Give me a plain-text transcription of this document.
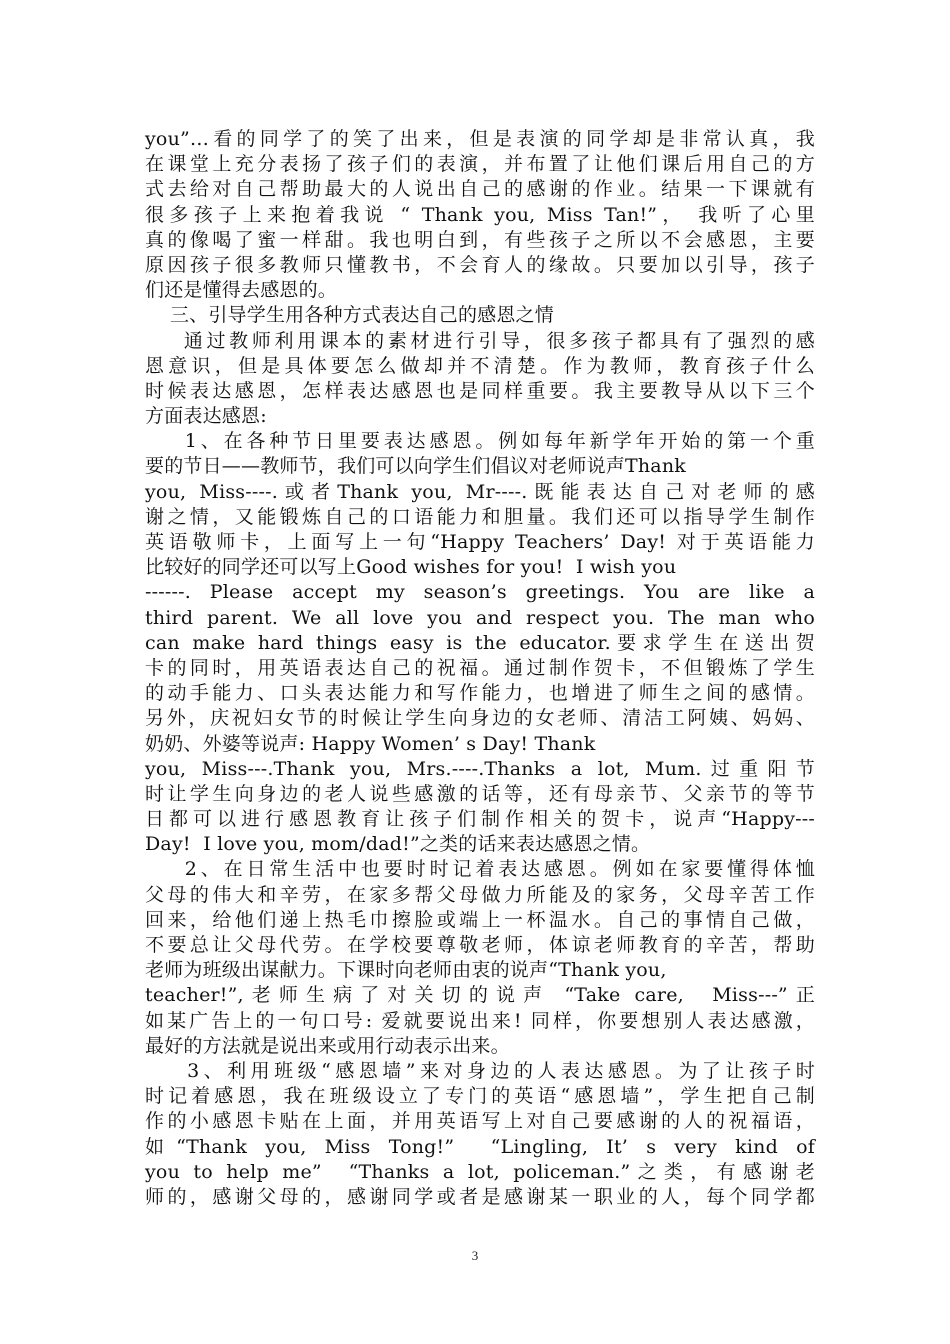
you”…看的同学了的笑了出来，但是表演的同学却是非常认真，我
在课堂上充分表扬了孩子们的表演，并布置了让他们课后用自己的方
式去给对自己帮助最大的人说出自己的感谢的作业。结果一下课就有
很多孩子上来抱着我说 “ Thank you, Miss Tan!”， 我听了心里
真的像喝了蜜一样甜。我也明白到，有些孩子之所以不会感恩，主要
原因孩子很多教师只懂教书，不会育人的缘故。只要加以引导，孩子
们还是懂得去感恩的。
三、引导学生用各种方式表达自己的感恩之情
通过教师利用课本的素材进行引导，很多孩子都具有了强烈的感
恩意识，但是具体要怎么做却并不清楚。作为教师，教育孩子什么
时候表达感恩，怎样表达感恩也是同样重要。我主要教导从以下三个
方面表达感恩:
1、在各种节日里要表达感恩。例如每年新学年开始的第一个重
要的节日——教师节，我们可以向学生们倡议对老师说声Thank
you, Miss----.或者Thank you, Mr----.既能表达自己对老师的感
谢之情，又能锻炼自己的口语能力和胆量。我们还可以指导学生制作
英语敬师卡，上面写上一句“Happy Teachers’ Day! 对于英语能力
比较好的同学还可以写上Good wishes for you!  I wish you
------. Please accept my season’s greetings. You are like a
third parent. We all love you and respect you. The man who
can make hard things easy is the educator.要求学生在送出贺
卡的同时，用英语表达自己的祝福。通过制作贺卡，不但锻炼了学生
的动手能力、口头表达能力和写作能力，也增进了师生之间的感情。
另外，庆祝妇女节的时候让学生向身边的女老师、清洁工阿姨、妈妈、
奶奶、外婆等说声: Happy Women’ s Day! Thank
you, Miss---.Thank you, Mrs.----.Thanks a lot, Mum.过重阳节
时让学生向身边的老人说些感激的话等，还有母亲节、父亲节的等节
日都可以进行感恩教育让孩子们制作相关的贺卡，说声“Happy---
Day!  I love you, mom/dad!”之类的话来表达感恩之情。
2、在日常生活中也要时时记着表达感恩。例如在家要懂得体恤
父母的伟大和辛劳，在家多帮父母做力所能及的家务，父母辛苦工作
回来，给他们递上热毛巾擦脸或端上一杯温水。自己的事情自己做，
不要总让父母代劳。在学校要尊敬老师，体谅老师教育的辛苦，帮助
老师为班级出谋献力。下课时向老师由衷的说声“Thank you,
teacher!”,老师生病了对关切的说声 “Take care,  Miss---”正
如某广告上的一句口号: 爱就要说出来! 同样，你要想别人表达感激，
最好的方法就是说出来或用行动表示出来。
3、利用班级“感恩墙”来对身边的人表达感恩。为了让孩子时
时记着感恩，我在班级设立了专门的英语“感恩墙”，学生把自己制
作的小感恩卡贴在上面，并用英语写上对自己要感谢的人的祝福语，
如“Thank you, Miss Tong!”  “Lingling, It’ s very kind of
you to help me”  “Thanks a lot, policeman.”之类，有感谢老
师的，感谢父母的，感谢同学或者是感谢某一职业的人，每个同学都
3
